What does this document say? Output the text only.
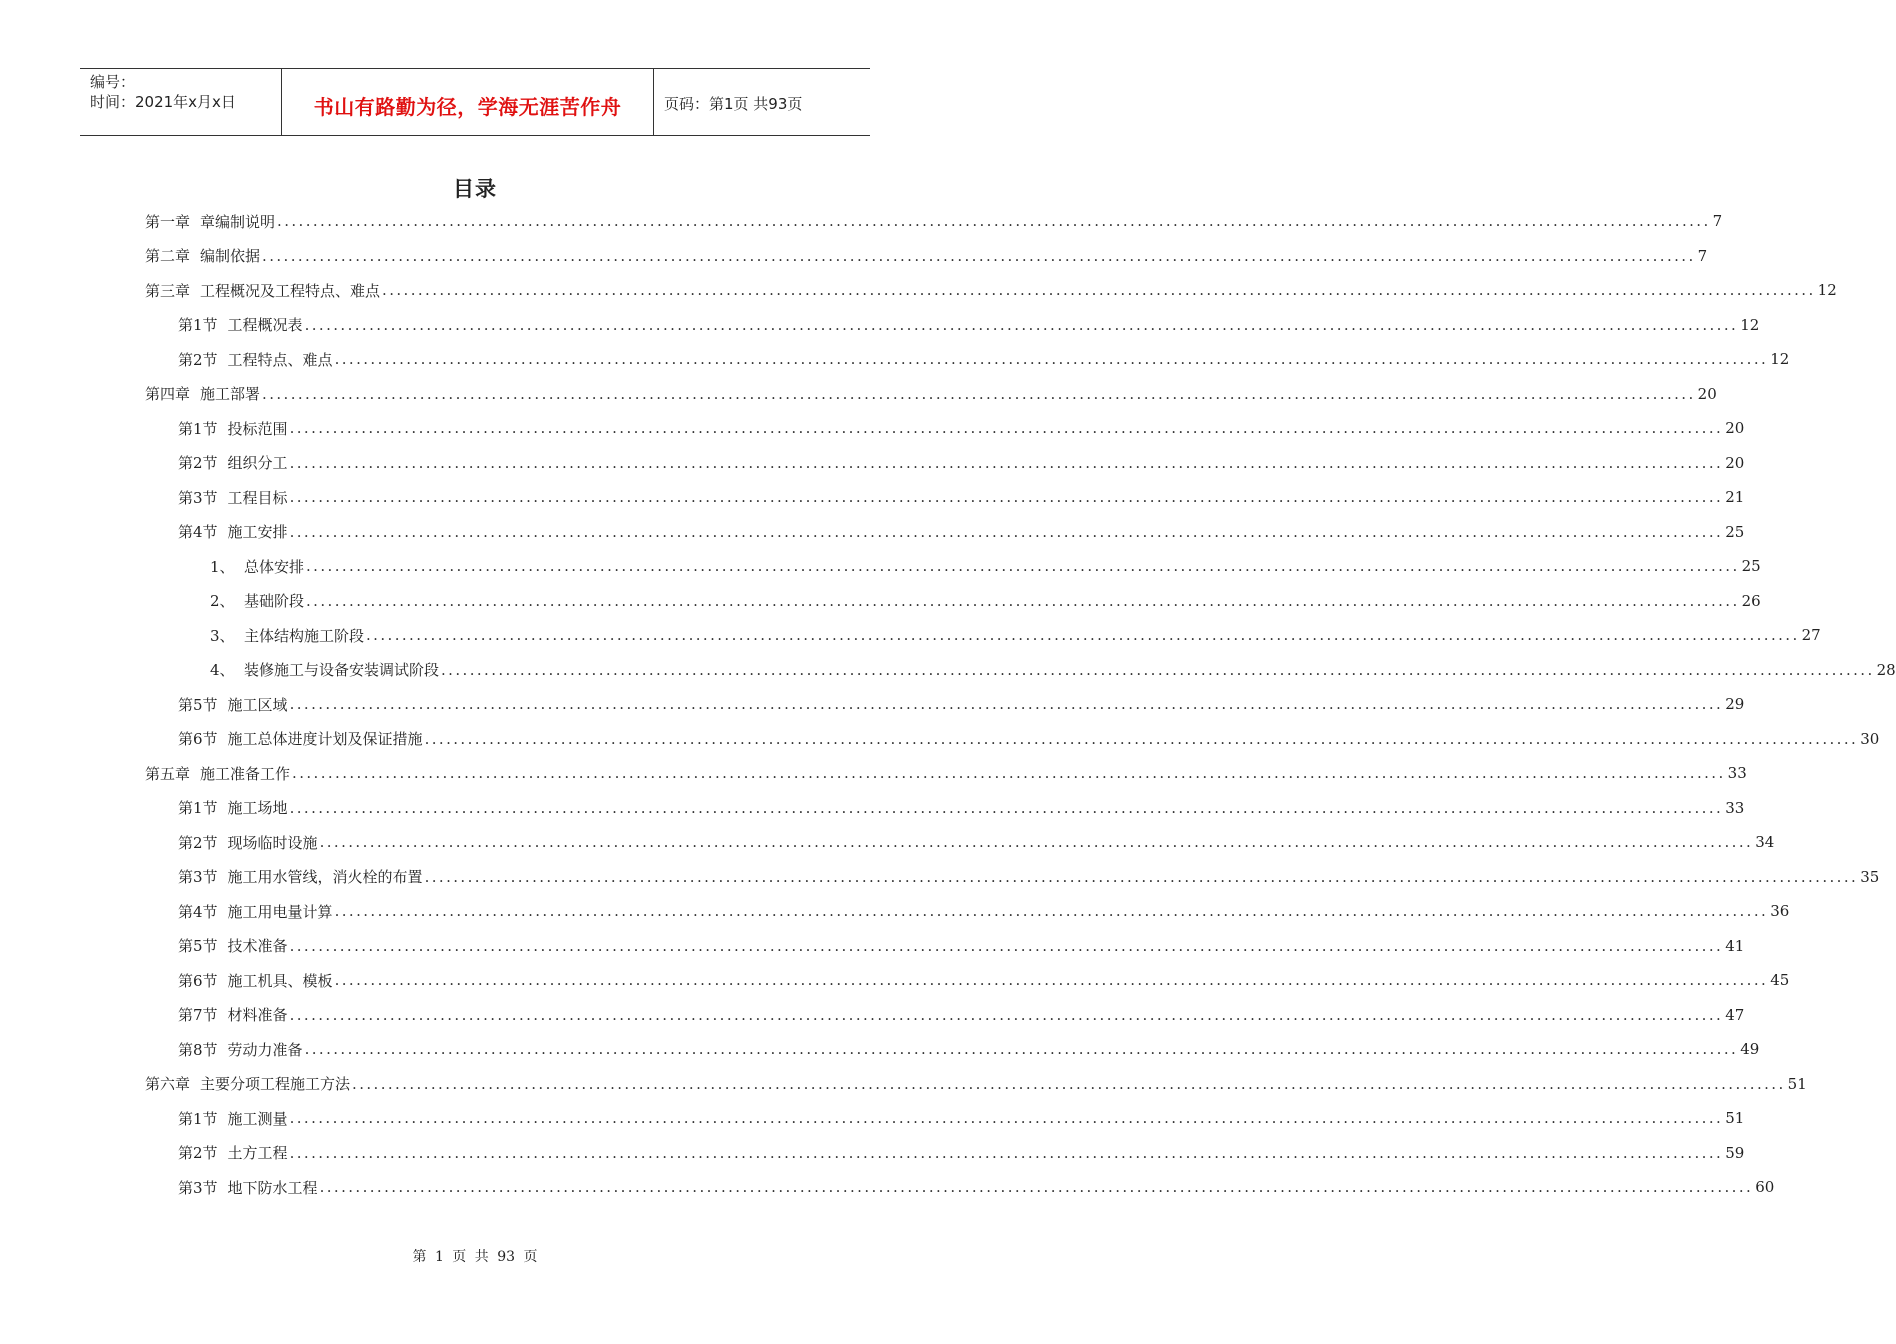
编号：
时间：2021年x月x日	书山有路勤为径，学海无涯苦作舟	页码：第1页 共93页
目录
第一章 章编制说明 ........................................................................................................................................................................................................ 7
第二章 编制依据 ........................................................................................................................................................................................................ 7
第三章 工程概况及工程特点、难点 ........................................................................................................................................................................................................ 12
第1节 工程概况表 ........................................................................................................................................................................................................ 12
第2节 工程特点、难点 ........................................................................................................................................................................................................ 12
第四章 施工部署 ........................................................................................................................................................................................................ 20
第1节 投标范围 ........................................................................................................................................................................................................ 20
第2节 组织分工 ........................................................................................................................................................................................................ 20
第3节 工程目标 ........................................................................................................................................................................................................ 21
第4节 施工安排 ........................................................................................................................................................................................................ 25
1、 总体安排 ........................................................................................................................................................................................................ 25
2、 基础阶段 ........................................................................................................................................................................................................ 26
3、 主体结构施工阶段 ........................................................................................................................................................................................................ 27
4、 装修施工与设备安装调试阶段 ........................................................................................................................................................................................................ 28
第5节 施工区域 ........................................................................................................................................................................................................ 29
第6节 施工总体进度计划及保证措施 ........................................................................................................................................................................................................ 30
第五章 施工准备工作 ........................................................................................................................................................................................................ 33
第1节 施工场地 ........................................................................................................................................................................................................ 33
第2节 现场临时设施 ........................................................................................................................................................................................................ 34
第3节 施工用水管线，消火栓的布置 ........................................................................................................................................................................................................ 35
第4节 施工用电量计算 ........................................................................................................................................................................................................ 36
第5节 技术准备 ........................................................................................................................................................................................................ 41
第6节 施工机具、模板 ........................................................................................................................................................................................................ 45
第7节 材料准备 ........................................................................................................................................................................................................ 47
第8节 劳动力准备 ........................................................................................................................................................................................................ 49
第六章 主要分项工程施工方法 ........................................................................................................................................................................................................ 51
第1节 施工测量 ........................................................................................................................................................................................................ 51
第2节 土方工程 ........................................................................................................................................................................................................ 59
第3节 地下防水工程 ........................................................................................................................................................................................................ 60
第 1 页 共 93 页
